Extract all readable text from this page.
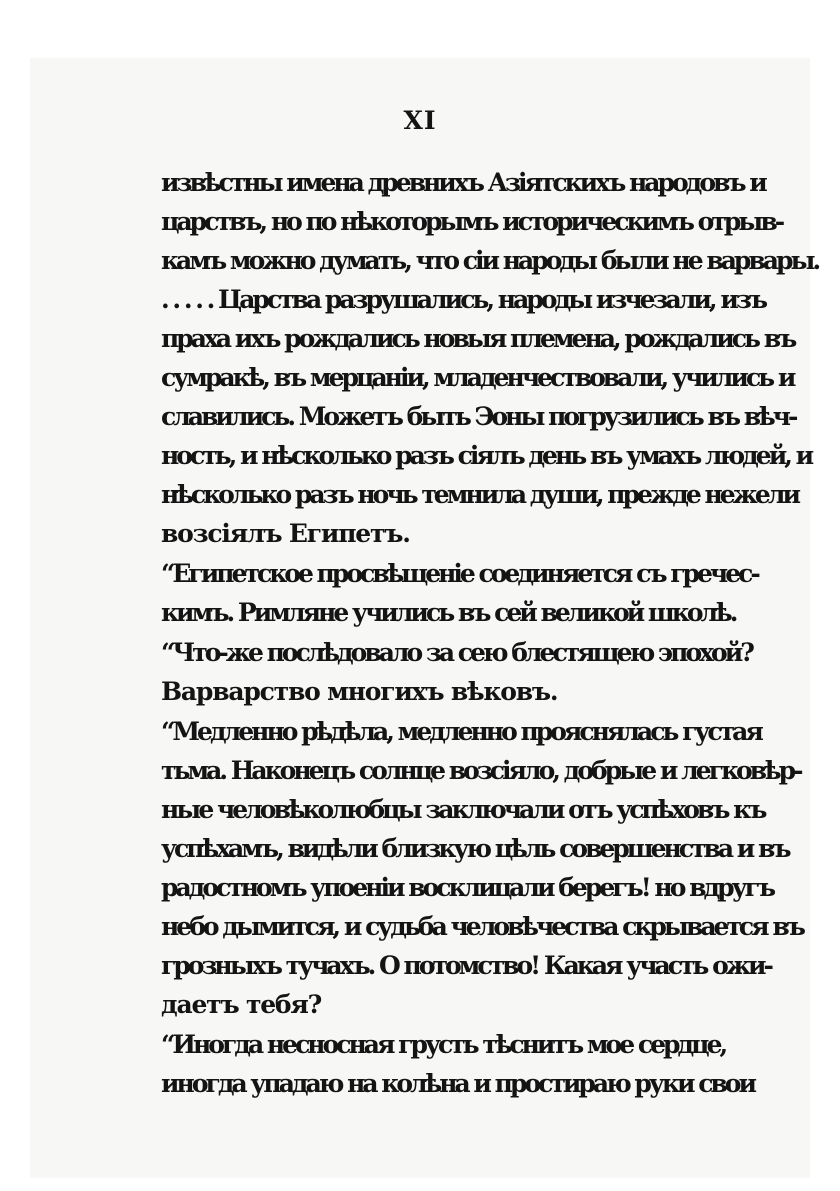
XI
извѣстны имена древнихъ Азіятскихъ народовъ и
царствъ, но по нѣкоторымъ историческимъ отрыв-
камъ можно думать, что сіи народы были не варвары.
. . . . . Царства разрушались, народы изчезали, изъ
праха ихъ рождались новыя племена, рождались въ
сумракѣ, въ мерцаніи, младенчествовали, учились и
славились. Можетъ быть Эоны погрузились въ вѣч-
ность, и нѣсколько разъ сіялъ день въ умахъ людей, и
нѣсколько разъ ночь темнила души, прежде нежели
возсіялъ Египетъ.
“Египетское просвѣщеніе соединяется съ гречес-
кимъ. Римляне учились въ сей великой школѣ.
“Что-же послѣдовало за сею блестящею эпохой?
Варварство многихъ вѣковъ.
“Медленно рѣдѣла, медленно прояснялась густая
тьма. Наконецъ солнце возсіяло, добрые и легковѣр-
ные человѣколюбцы заключали отъ успѣховъ къ
успѣхамъ, видѣли близкую цѣль совершенства и въ
радостномъ упоеніи восклицали берегъ! но вдругъ
небо дымится, и судьба человѣчества скрывается въ
грозныхъ тучахъ. О потомство! Какая участь ожи-
даетъ тебя?
“Иногда несносная грусть тѣснитъ мое сердце,
иногда упадаю на колѣна и простираю руки свои
